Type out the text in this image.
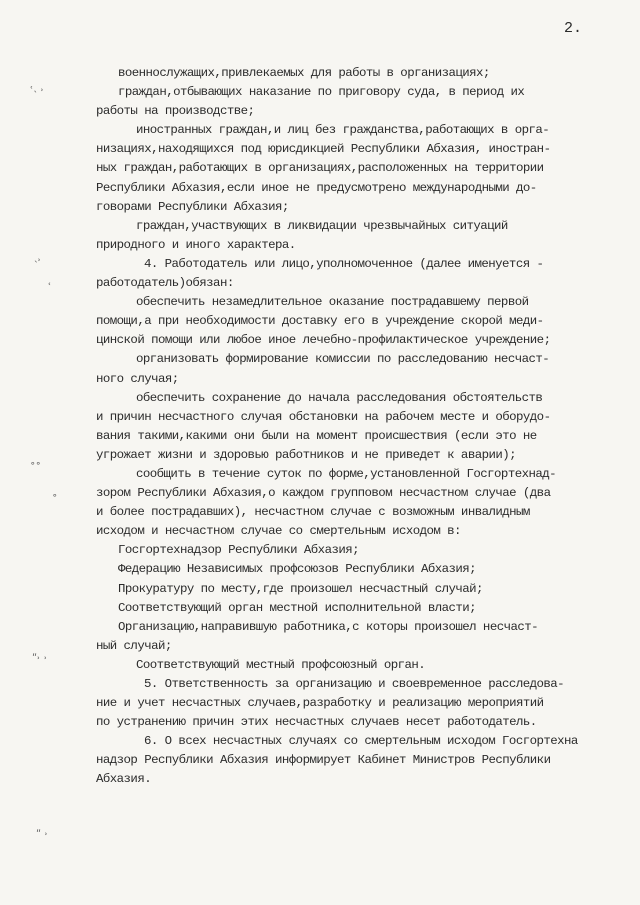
2.
ʿ˴ ˒
˴˒
˓
˳˳
˳
ʺ˒ ˒
ʺ ˒
военнослужащих,привлекаемых для работы в организациях;
граждан,отбывающих наказание по приговору суда, в период их
работы на производстве;
иностранных граждан,и лиц без гражданства,работающих в орга-
низациях,находящихся под юрисдикцией Республики Абхазия, иностран-
ных граждан,работающих в организациях,расположенных на территории
Республики Абхазия,если иное не предусмотрено международными до-
говорами Республики Абхазия;
граждан,участвующих в ликвидации чрезвычайных ситуаций
природного и иного характера.
4. Работодатель или лицо,уполномоченное (далее именуется -
работодатель)обязан:
обеспечить незамедлительное оказание пострадавшему первой
помощи,а при необходимости доставку его в учреждение скорой меди-
цинской помощи или любое иное лечебно-профилактическое учреждение;
организовать формирование комиссии по расследованию несчаст-
ного случая;
обеспечить сохранение до начала расследования обстоятельств
и причин несчастного случая обстановки на рабочем месте и оборудо-
вания такими,какими они были на момент происшествия (если это не
угрожает жизни и здоровью работников и не приведет к аварии);
сообщить в течение суток по форме,установленной Госгортехнад-
зором Республики Абхазия,о каждом групповом несчастном случае (два
и более пострадавших), несчастном случае с возможным инвалидным
исходом и несчастном случае со смертельным исходом в:
Госгортехнадзор Республики Абхазия;
Федерацию Независимых профсоюзов Республики Абхазия;
Прокуратуру по месту,где произошел несчастный случай;
Соответствующий орган местной исполнительной власти;
Организацию,направившую работника,с которы произошел несчаст-
ный случай;
Соответствующий местный профсоюзный орган.
5. Ответственность за организацию и своевременное расследова-
ние и учет несчастных случаев,разработку и реализацию мероприятий
по устранению причин этих несчастных случаев несет работодатель.
6. О всех несчастных случаях со смертельным исходом Госгортехна
надзор Республики Абхазия информирует Кабинет Министров Республики
Абхазия.
